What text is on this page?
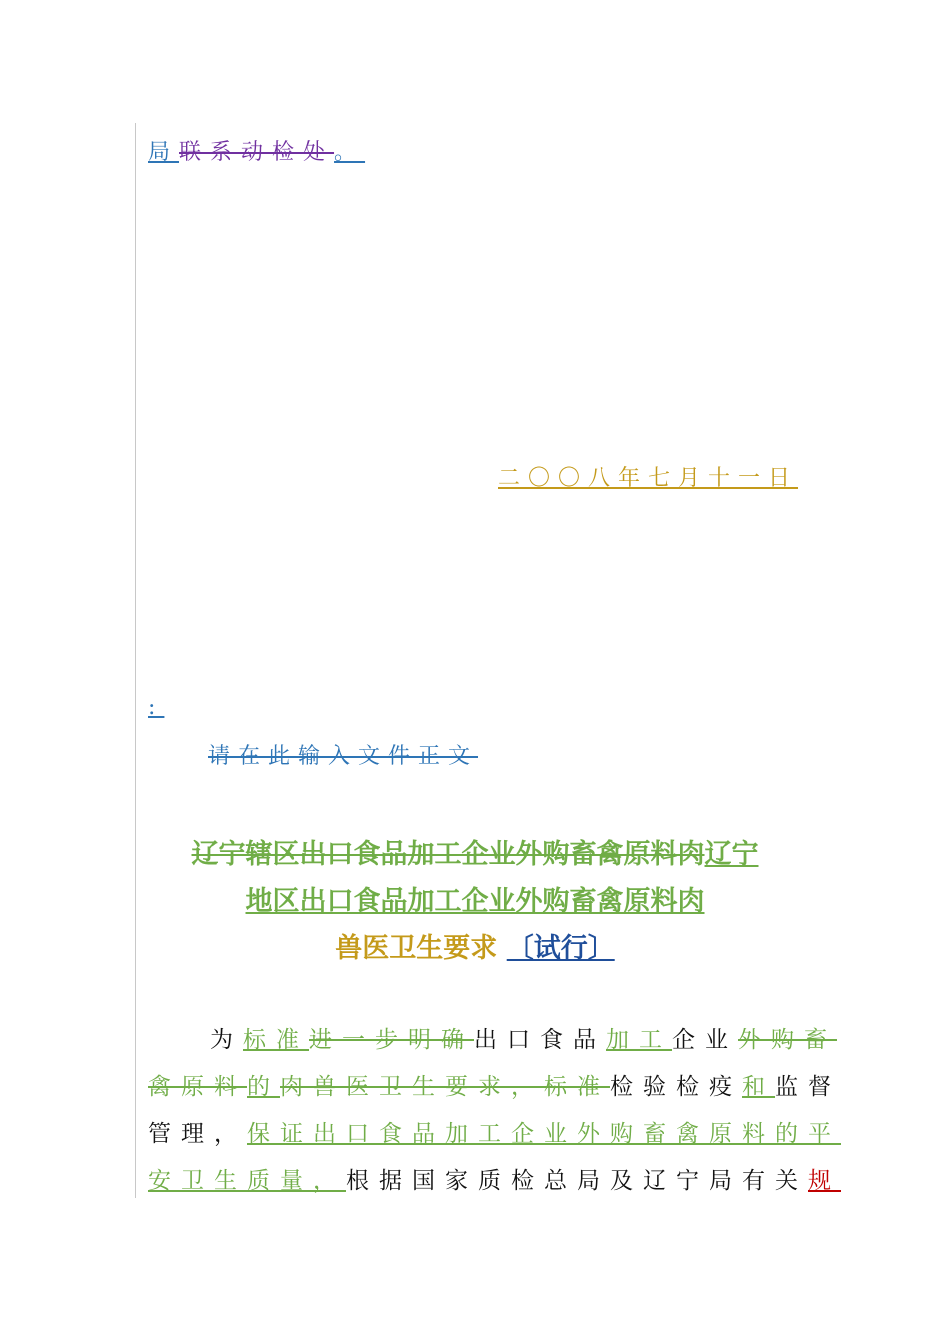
局联系动检处。
二〇〇八年七月十一日
:
请在此输入文件正文
辽宁辖区出口食品加工企业外购畜禽原料肉辽宁
地区出口食品加工企业外购畜禽原料肉
兽医卫生要求 〔试行〕
为标准进一步明确出口食品加工企业外购畜
禽原料的肉兽医卫生要求，标准检验检疫和监督
管理，保证出口食品加工企业外购畜禽原料的平
安卫生质量，根据国家质检总局及辽宁局有关规
